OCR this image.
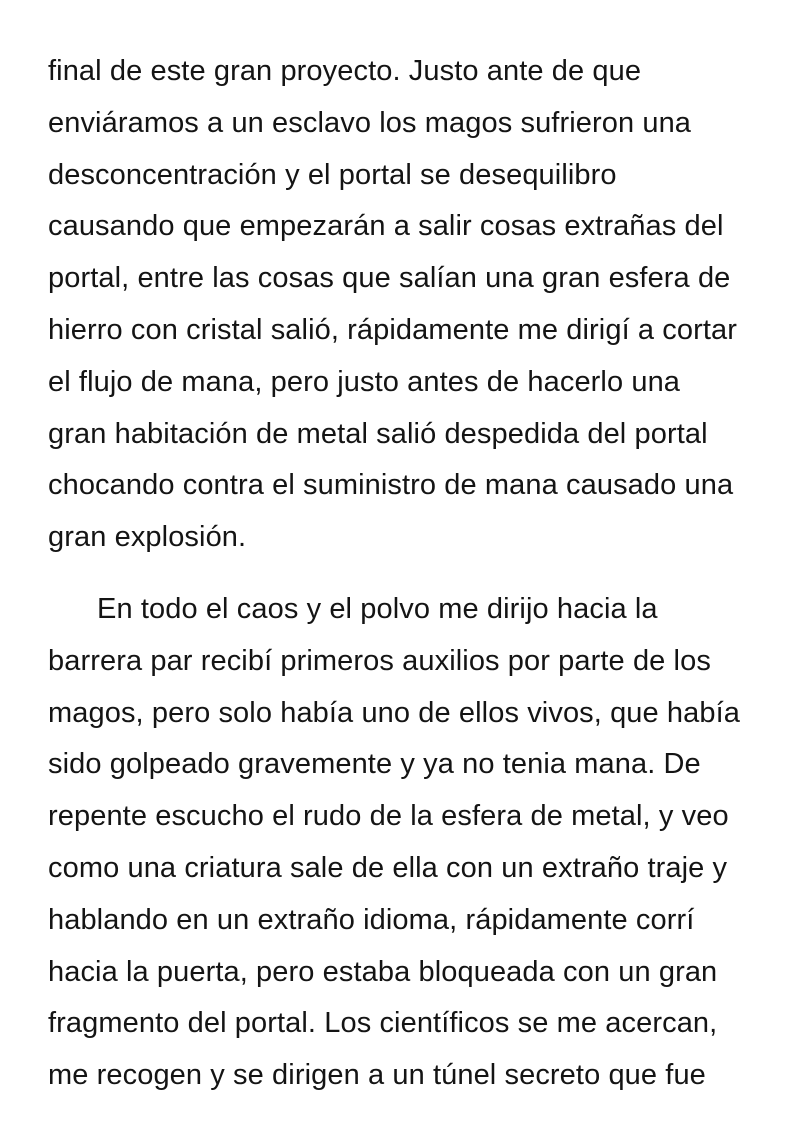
final de este gran proyecto. Justo ante de que
enviáramos a un esclavo los magos sufrieron una
desconcentración y el portal se desequilibro
causando que empezarán a salir cosas extrañas del
portal, entre las cosas que salían una gran esfera de
hierro con cristal salió, rápidamente me dirigí a cortar
el flujo de mana, pero justo antes de hacerlo una
gran habitación de metal salió despedida del portal
chocando contra el suministro de mana causado una
gran explosión.
En todo el caos y el polvo me dirijo hacia la
barrera par recibí primeros auxilios por parte de los
magos, pero solo había uno de ellos vivos, que había
sido golpeado gravemente y ya no tenia mana. De
repente escucho el rudo de la esfera de metal, y veo
como una criatura sale de ella con un extraño traje y
hablando en un extraño idioma, rápidamente corrí
hacia la puerta, pero estaba bloqueada con un gran
fragmento del portal. Los científicos se me acercan,
me recogen y se dirigen a un túnel secreto que fue
